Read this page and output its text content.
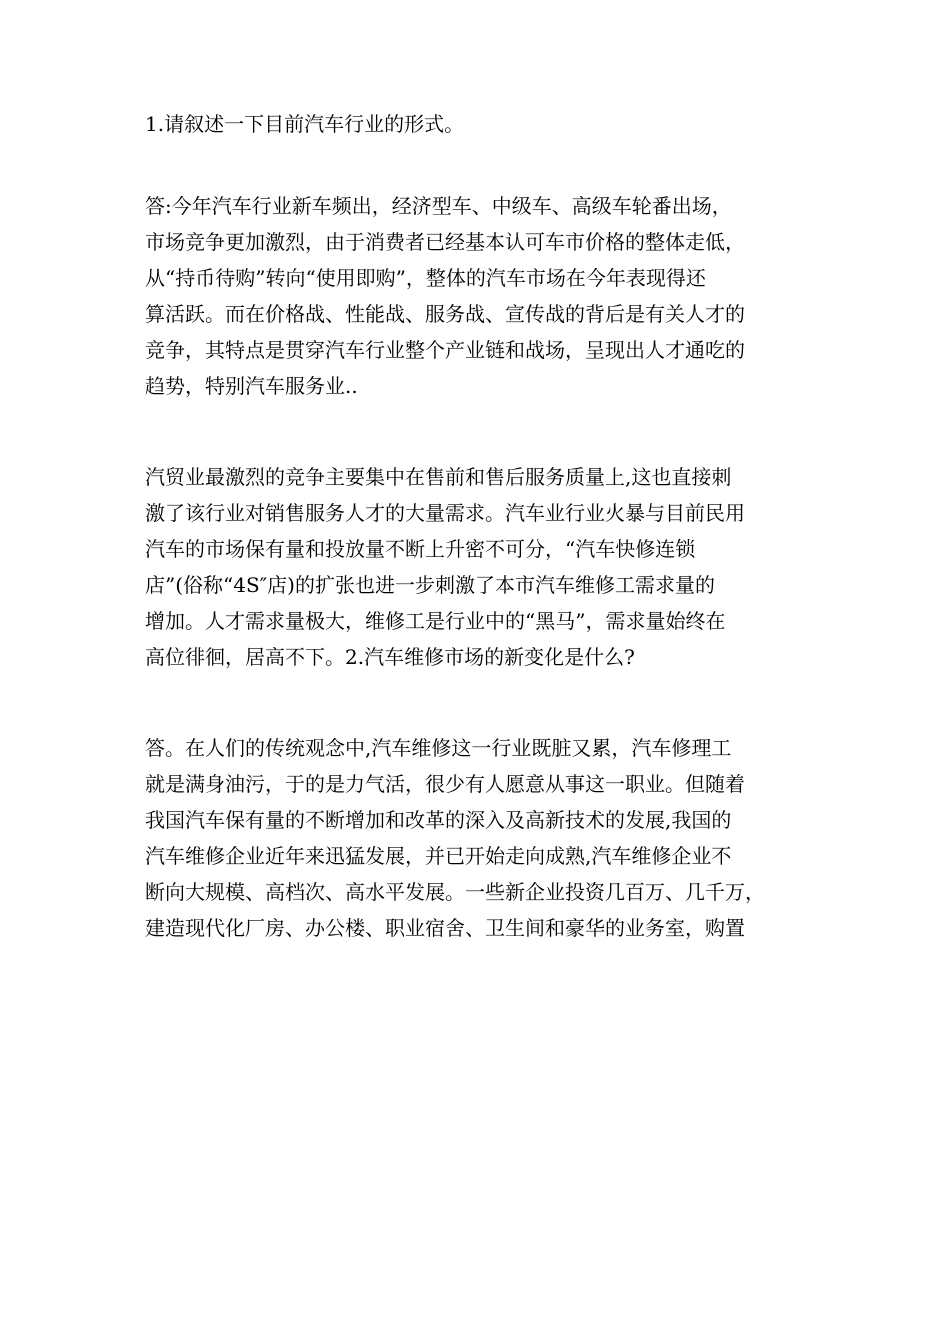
1.请叙述一下目前汽车行业的形式。

答:今年汽车行业新车频出，经济型车、中级车、高级车轮番出场，
市场竞争更加激烈，由于消费者已经基本认可车市价格的整体走低，
从“持币待购”转向“使用即购”，整体的汽车市场在今年表现得还
算活跃。而在价格战、性能战、服务战、宣传战的背后是有关人才的
竞争，其特点是贯穿汽车行业整个产业链和战场，呈现出人才通吃的
趋势，特别汽车服务业..

汽贸业最激烈的竞争主要集中在售前和售后服务质量上,这也直接刺
激了该行业对销售服务人才的大量需求。汽车业行业火暴与目前民用
汽车的市场保有量和投放量不断上升密不可分，“汽车快修连锁
店”(俗称“4S″店)的扩张也进一步刺激了本市汽车维修工需求量的
增加。人才需求量极大，维修工是行业中的“黑马”，需求量始终在
高位徘徊，居高不下。2.汽车维修市场的新变化是什么?

答。在人们的传统观念中,汽车维修这一行业既脏又累，汽车修理工
就是满身油污，于的是力气活，很少有人愿意从事这一职业。但随着
我国汽车保有量的不断增加和改革的深入及高新技术的发展,我国的
汽车维修企业近年来迅猛发展，并已开始走向成熟,汽车维修企业不
断向大规模、高档次、高水平发展。一些新企业投资几百万、几千万，
建造现代化厂房、办公楼、职业宿舍、卫生间和豪华的业务室，购置
